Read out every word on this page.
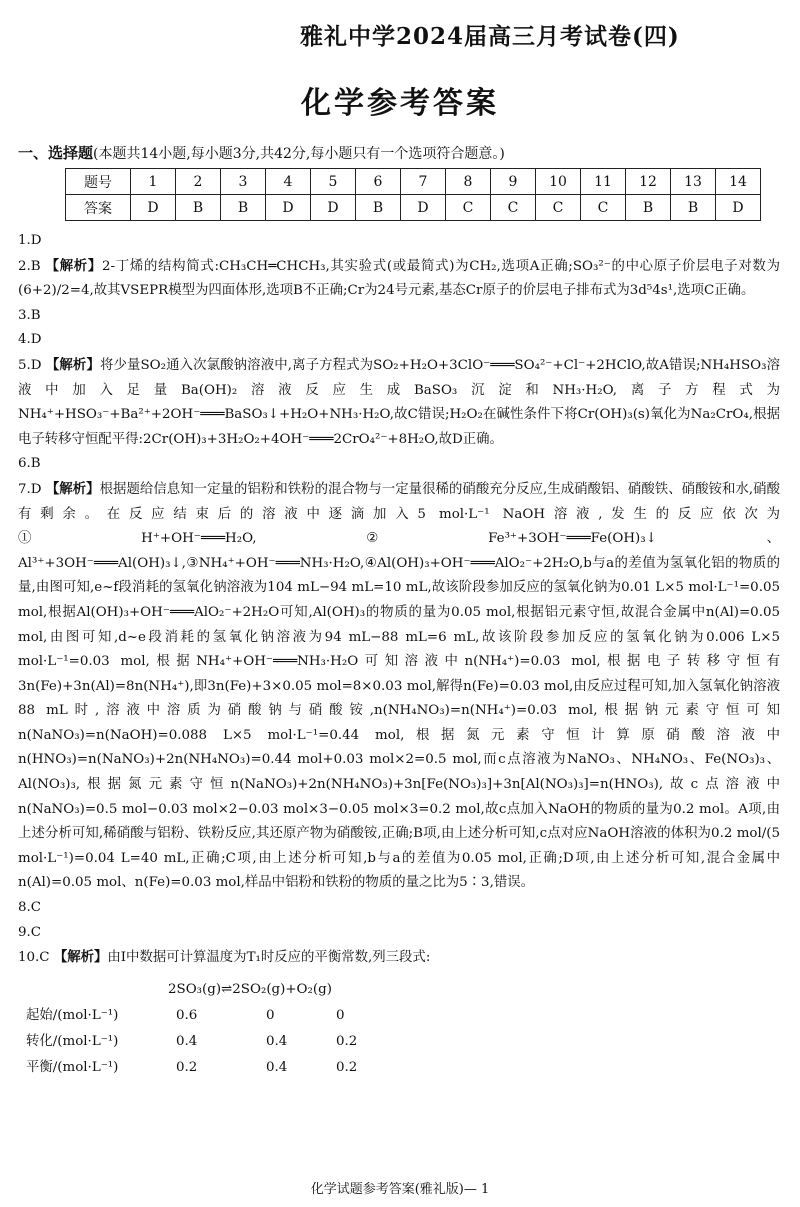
雅礼中学2024届高三月考试卷(四)
化学参考答案
一、选择题(本题共14小题,每小题3分,共42分,每小题只有一个选项符合题意。)
题号	1	2	3	4	5	6	7	8	9	10	11	12	13	14
答案	D	B	B	D	D	B	D	C	C	C	C	B	B	D

1.D

2.B 【解析】2-丁烯的结构简式:CH₃CH═CHCH₃,其实验式(或最简式)为CH₂,选项A正确;SO₃²⁻的中心原子价层电子对数为(6+2)/2=4,故其VSEPR模型为四面体形,选项B不正确;Cr为24号元素,基态Cr原子的价层电子排布式为3d⁵4s¹,选项C正确。

3.B

4.D

5.D 【解析】将少量SO₂通入次氯酸钠溶液中,离子方程式为SO₂+H₂O+3ClO⁻═══SO₄²⁻+Cl⁻+2HClO,故A错误;NH₄HSO₃溶液中加入足量Ba(OH)₂溶液反应生成BaSO₃沉淀和NH₃·H₂O,离子方程式为NH₄⁺+HSO₃⁻+Ba²⁺+2OH⁻═══BaSO₃↓+H₂O+NH₃·H₂O,故C错误;H₂O₂在碱性条件下将Cr(OH)₃(s)氧化为Na₂CrO₄,根据电子转移守恒配平得:2Cr(OH)₃+3H₂O₂+4OH⁻═══2CrO₄²⁻+8H₂O,故D正确。

6.B

7.D 【解析】根据题给信息知一定量的铝粉和铁粉的混合物与一定量很稀的硝酸充分反应,生成硝酸铝、硝酸铁、硝酸铵和水,硝酸有剩余。在反应结束后的溶液中逐滴加入5 mol·L⁻¹ NaOH溶液,发生的反应依次为①H⁺+OH⁻═══H₂O,②Fe³⁺+3OH⁻═══Fe(OH)₃↓、Al³⁺+3OH⁻═══Al(OH)₃↓,③NH₄⁺+OH⁻═══NH₃·H₂O,④Al(OH)₃+OH⁻═══AlO₂⁻+2H₂O,b与a的差值为氢氧化铝的物质的量,由图可知,e~f段消耗的氢氧化钠溶液为104 mL−94 mL=10 mL,故该阶段参加反应的氢氧化钠为0.01 L×5 mol·L⁻¹=0.05 mol,根据Al(OH)₃+OH⁻═══AlO₂⁻+2H₂O可知,Al(OH)₃的物质的量为0.05 mol,根据铝元素守恒,故混合金属中n(Al)=0.05 mol,由图可知,d~e段消耗的氢氧化钠溶液为94 mL−88 mL=6 mL,故该阶段参加反应的氢氧化钠为0.006 L×5 mol·L⁻¹=0.03 mol,根据NH₄⁺+OH⁻═══NH₃·H₂O可知溶液中n(NH₄⁺)=0.03 mol,根据电子转移守恒有3n(Fe)+3n(Al)=8n(NH₄⁺),即3n(Fe)+3×0.05 mol=8×0.03 mol,解得n(Fe)=0.03 mol,由反应过程可知,加入氢氧化钠溶液88 mL时,溶液中溶质为硝酸钠与硝酸铵,n(NH₄NO₃)=n(NH₄⁺)=0.03 mol,根据钠元素守恒可知n(NaNO₃)=n(NaOH)=0.088 L×5 mol·L⁻¹=0.44 mol,根据氮元素守恒计算原硝酸溶液中n(HNO₃)=n(NaNO₃)+2n(NH₄NO₃)=0.44 mol+0.03 mol×2=0.5 mol,而c点溶液为NaNO₃、NH₄NO₃、Fe(NO₃)₃、Al(NO₃)₃,根据氮元素守恒n(NaNO₃)+2n(NH₄NO₃)+3n[Fe(NO₃)₃]+3n[Al(NO₃)₃]=n(HNO₃),故c点溶液中n(NaNO₃)=0.5 mol−0.03 mol×2−0.03 mol×3−0.05 mol×3=0.2 mol,故c点加入NaOH的物质的量为0.2 mol。A项,由上述分析可知,稀硝酸与铝粉、铁粉反应,其还原产物为硝酸铵,正确;B项,由上述分析可知,c点对应NaOH溶液的体积为0.2 mol/(5 mol·L⁻¹)=0.04 L=40 mL,正确;C项,由上述分析可知,b与a的差值为0.05 mol,正确;D项,由上述分析可知,混合金属中n(Al)=0.05 mol、n(Fe)=0.03 mol,样品中铝粉和铁粉的物质的量之比为5∶3,错误。

8.C

9.C

10.C 【解析】由Ⅰ中数据可计算温度为T₁时反应的平衡常数,列三段式:

2SO₃(g)⇌2SO₂(g)+O₂(g)
起始/(mol·L⁻¹)	0.6	0	0
转化/(mol·L⁻¹)	0.4	0.4	0.2
平衡/(mol·L⁻¹)	0.2	0.4	0.2
化学试题参考答案(雅礼版)— 1
